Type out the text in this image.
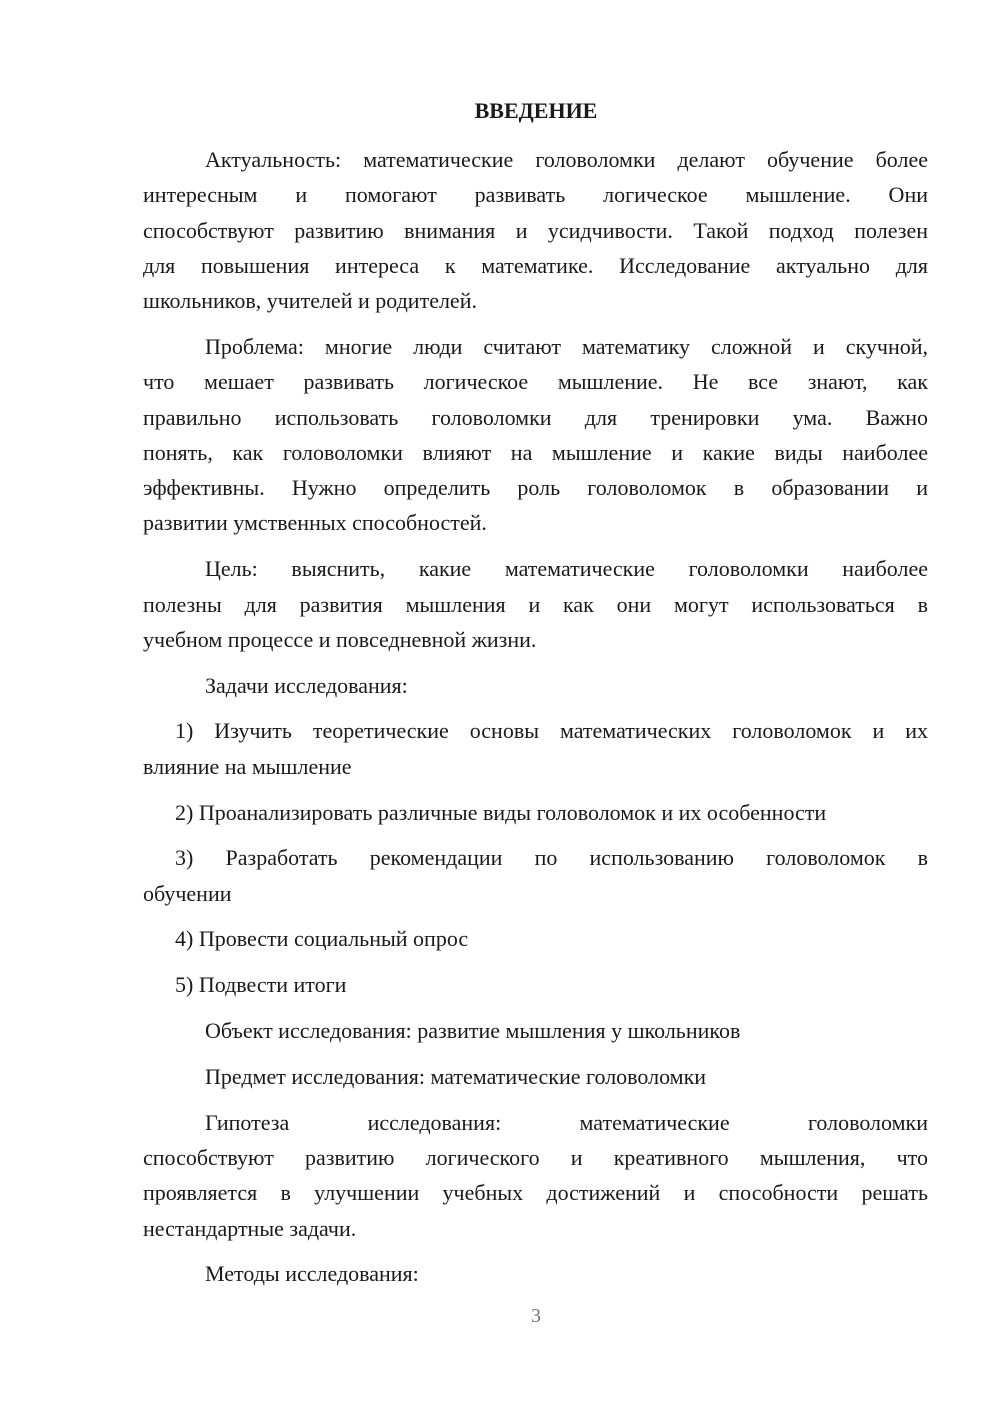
ВВЕДЕНИЕ
Актуальность: математические головоломки делают обучение более
интересным и помогают развивать логическое мышление. Они
способствуют развитию внимания и усидчивости. Такой подход полезен
для повышения интереса к математике. Исследование актуально для
школьников, учителей и родителей.
Проблема: многие люди считают математику сложной и скучной,
что мешает развивать логическое мышление. Не все знают, как
правильно использовать головоломки для тренировки ума. Важно
понять, как головоломки влияют на мышление и какие виды наиболее
эффективны. Нужно определить роль головоломок в образовании и
развитии умственных способностей.
Цель: выяснить, какие математические головоломки наиболее
полезны для развития мышления и как они могут использоваться в
учебном процессе и повседневной жизни.
Задачи исследования:
1) Изучить теоретические основы математических головоломок и их
влияние на мышление
2) Проанализировать различные виды головоломок и их особенности
3) Разработать рекомендации по использованию головоломок в
обучении
4) Провести социальный опрос
5) Подвести итоги
Объект исследования: развитие мышления у школьников
Предмет исследования: математические головоломки
Гипотеза исследования: математические головоломки
способствуют развитию логического и креативного мышления, что
проявляется в улучшении учебных достижений и способности решать
нестандартные задачи.
Методы исследования:
3
